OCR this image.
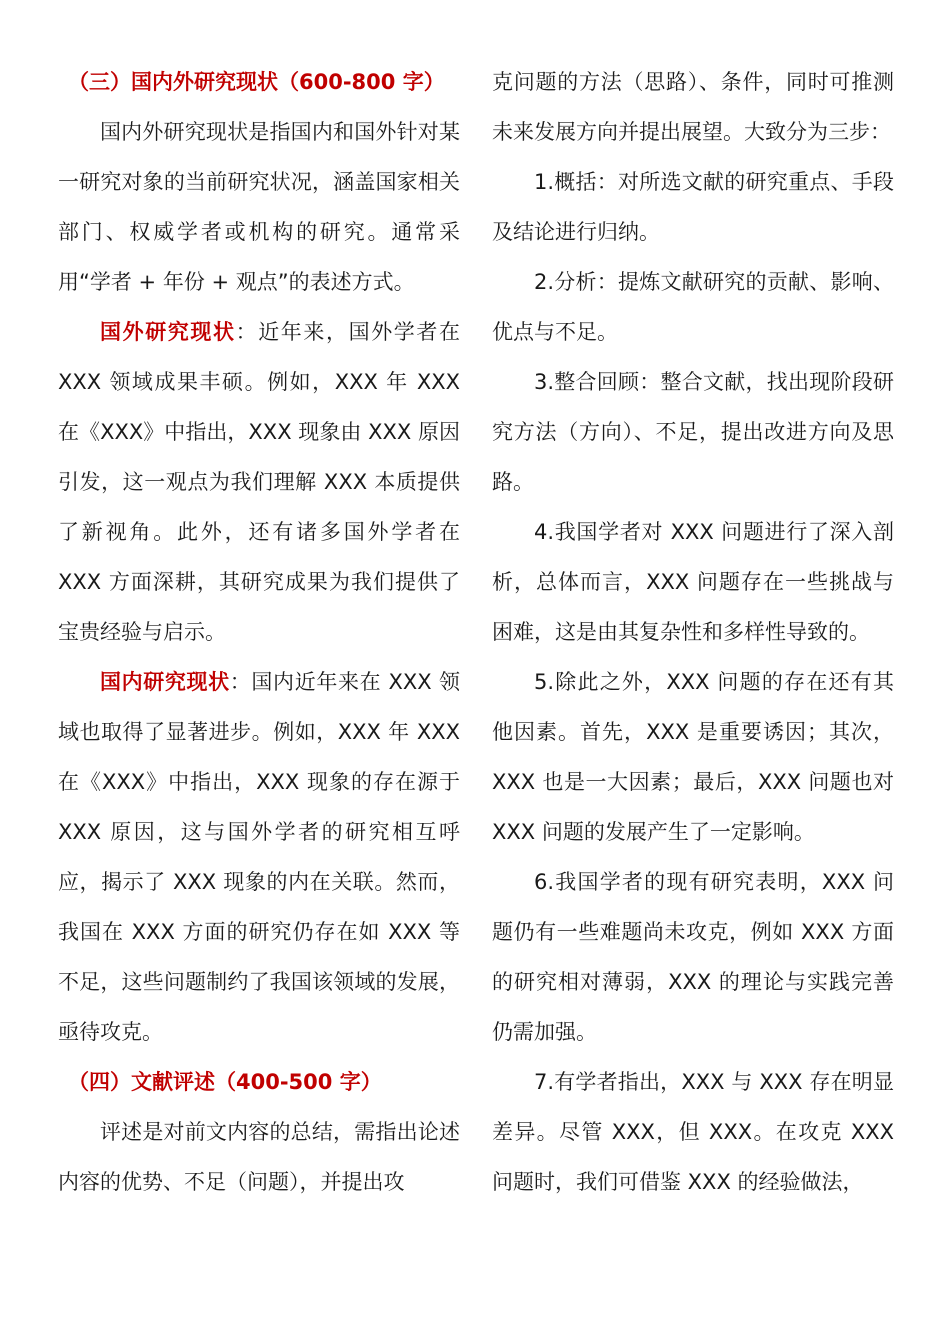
（三）国内外研究现状（600-800 字）

国内外研究现状是指国内和国外针对某一研究对象的当前研究状况，涵盖国家相关部门、权威学者或机构的研究。通常采用“学者 + 年份 + 观点”的表述方式。

国外研究现状：近年来，国外学者在 XXX 领域成果丰硕。例如，XXX 年 XXX 在《XXX》中指出，XXX 现象由 XXX 原因引发，这一观点为我们理解 XXX 本质提供了新视角。此外，还有诸多国外学者在 XXX 方面深耕，其研究成果为我们提供了宝贵经验与启示。

国内研究现状：国内近年来在 XXX 领域也取得了显著进步。例如，XXX 年 XXX 在《XXX》中指出，XXX 现象的存在源于 XXX 原因，这与国外学者的研究相互呼应，揭示了 XXX 现象的内在关联。然而，我国在 XXX 方面的研究仍存在如 XXX 等不足，这些问题制约了我国该领域的发展，亟待攻克。

（四）文献评述（400-500 字）

评述是对前文内容的总结，需指出论述内容的优势、不足（问题），并提出攻

克问题的方法（思路）、条件，同时可推测未来发展方向并提出展望。大致分为三步：

1.概括：对所选文献的研究重点、手段及结论进行归纳。

2.分析：提炼文献研究的贡献、影响、优点与不足。

3.整合回顾：整合文献，找出现阶段研究方法（方向）、不足，提出改进方向及思路。

4.我国学者对 XXX 问题进行了深入剖析，总体而言，XXX 问题存在一些挑战与困难，这是由其复杂性和多样性导致的。

5.除此之外，XXX 问题的存在还有其他因素。首先，XXX 是重要诱因；其次，XXX 也是一大因素；最后，XXX 问题也对 XXX 问题的发展产生了一定影响。

6.我国学者的现有研究表明，XXX 问题仍有一些难题尚未攻克，例如 XXX 方面的研究相对薄弱，XXX 的理论与实践完善仍需加强。

7.有学者指出，XXX 与 XXX 存在明显差异。尽管 XXX，但 XXX。在攻克 XXX 问题时，我们可借鉴 XXX 的经验做法，
